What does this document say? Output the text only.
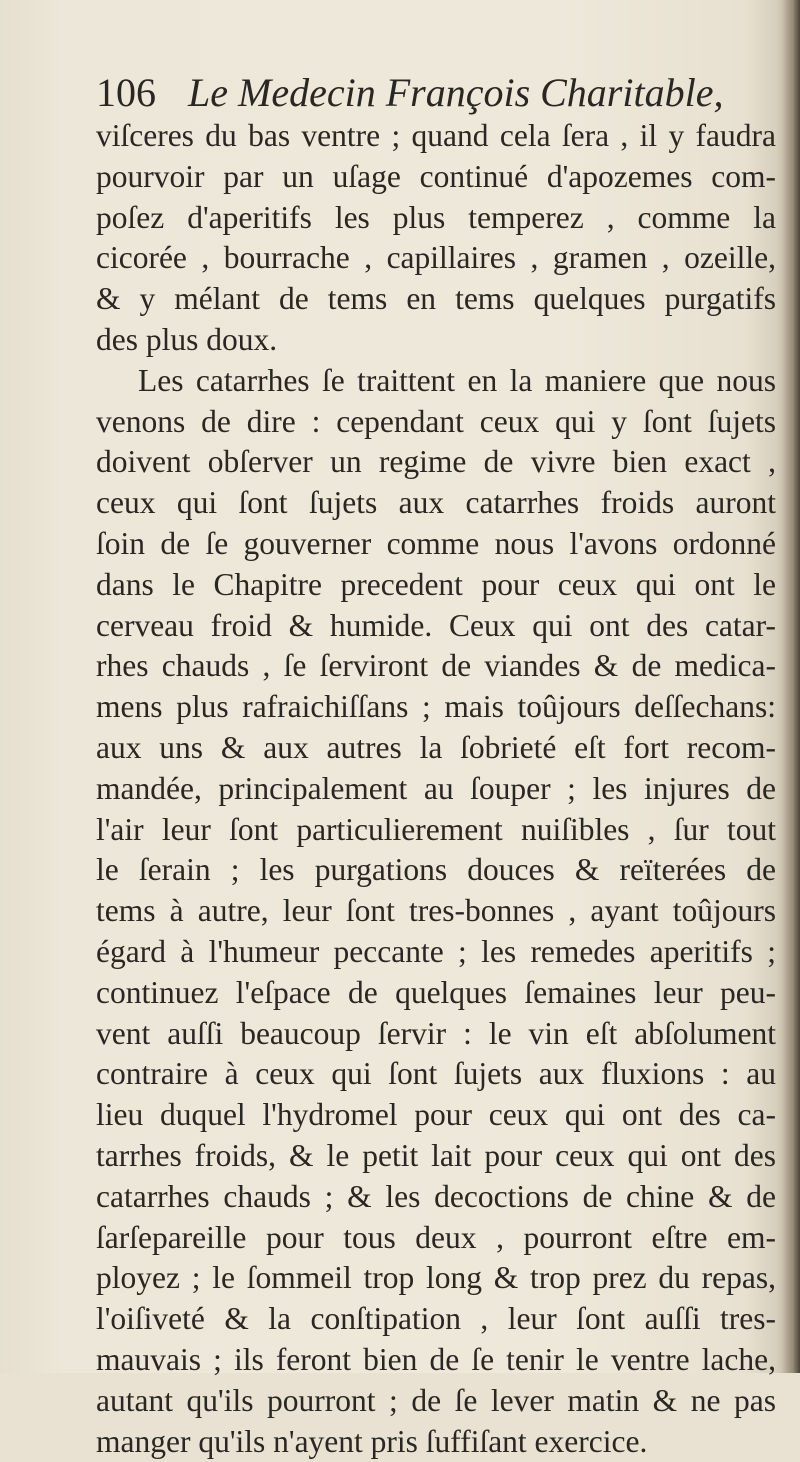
106 Le Medecin François Charitable,
viſceres du bas ventre ; quand cela ſera , il y faudra
pourvoir par un uſage continué d'apozemes com-
poſez d'aperitifs les plus temperez , comme la
cicorée , bourrache , capillaires , gramen , ozeille,
& y mélant de tems en tems quelques purgatifs
des plus doux.
Les catarrhes ſe traittent en la maniere que nous
venons de dire : cependant ceux qui y ſont ſujets
doivent obſerver un regime de vivre bien exact ,
ceux qui ſont ſujets aux catarrhes froids auront
ſoin de ſe gouverner comme nous l'avons ordonné
dans le Chapitre precedent pour ceux qui ont le
cerveau froid & humide. Ceux qui ont des catar-
rhes chauds , ſe ſerviront de viandes & de medica-
mens plus rafraichiſſans ; mais toûjours deſſechans:
aux uns & aux autres la ſobrieté eſt fort recom-
mandée, principalement au ſouper ; les injures de
l'air leur ſont particulierement nuiſibles , ſur tout
le ſerain ; les purgations douces & reïterées de
tems à autre, leur ſont tres-bonnes , ayant toûjours
égard à l'humeur peccante ; les remedes aperitifs ;
continuez l'eſpace de quelques ſemaines leur peu-
vent auſſi beaucoup ſervir : le vin eſt abſolument
contraire à ceux qui ſont ſujets aux fluxions : au
lieu duquel l'hydromel pour ceux qui ont des ca-
tarrhes froids, & le petit lait pour ceux qui ont des
catarrhes chauds ; & les decoctions de chine & de
ſarſepareille pour tous deux , pourront eſtre em-
ployez ; le ſommeil trop long & trop prez du repas,
l'oiſiveté & la conſtipation , leur ſont auſſi tres-
mauvais ; ils feront bien de ſe tenir le ventre lache,
autant qu'ils pourront ; de ſe lever matin & ne pas
manger qu'ils n'ayent pris ſuffiſant exercice.
